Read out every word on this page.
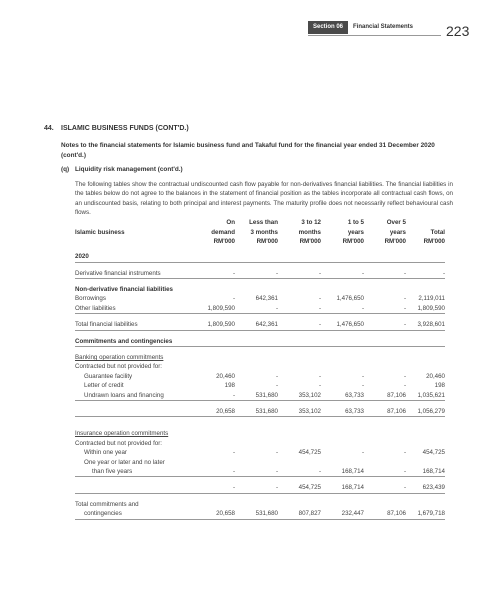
Section 06	Financial Statements 223
44. ISLAMIC BUSINESS FUNDS (CONT'D.)
Notes to the financial statements for Islamic business fund and Takaful fund for the financial year ended 31 December 2020 (cont'd.)
(q) Liquidity risk management (cont'd.)
The following tables show the contractual undiscounted cash flow payable for non-derivatives financial liabilities. The financial liabilities in the tables below do not agree to the balances in the statement of financial position as the tables incorporate all contractual cash flows, on an undiscounted basis, relating to both principal and interest payments. The maturity profile does not necessarily reflect behavioural cash flows.
	On	Less than	3 to 12	1 to 5	Over 5	
Islamic business	demand	3 months	months	years	years	Total
	RM'000	RM'000	RM'000	RM'000	RM'000	RM'000

2020						

Derivative financial instruments	-	-	-	-	-	-

Non-derivative financial liabilities						
Borrowings	-	642,361	-	1,476,650	-	2,119,011
Other liabilities	1,809,590	-	-	-	-	1,809,590

Total financial liabilities	1,809,590	642,361	-	1,476,650	-	3,928,601

Commitments and contingencies						

Banking operation commitments						
Contracted but not provided for:						
Guarantee facility	20,460	-	-	-	-	20,460
Letter of credit	198	-	-	-	-	198
Undrawn loans and financing	-	531,680	353,102	63,733	87,106	1,035,621

	20,658	531,680	353,102	63,733	87,106	1,056,279

Insurance operation commitments						
Contracted but not provided for:						
Within one year	-	-	454,725	-	-	454,725
One year or later and no later						
than five years	-	-	-	168,714	-	168,714

	-	-	454,725	168,714	-	623,439

Total commitments and						
contingencies	20,658	531,680	807,827	232,447	87,106	1,679,718
